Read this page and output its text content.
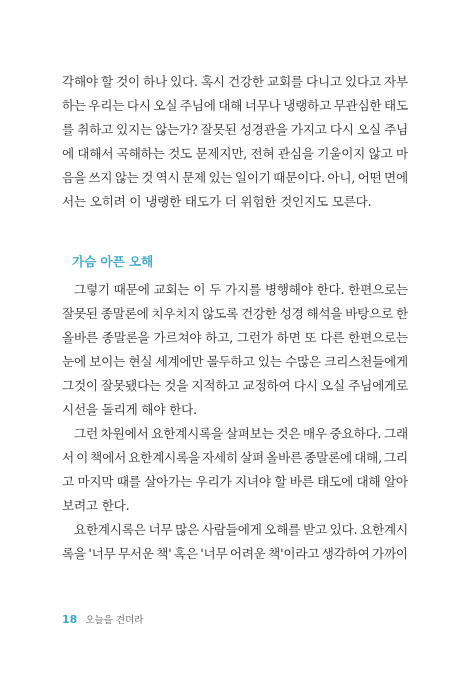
각해야 할 것이 하나 있다. 혹시 건강한 교회를 다니고 있다고 자부
하는 우리는 다시 오실 주님에 대해 너무나 냉랭하고 무관심한 태도
를 취하고 있지는 않는가? 잘못된 성경관을 가지고 다시 오실 주님
에 대해서 곡해하는 것도 문제지만, 전혀 관심을 기울이지 않고 마
음을 쓰지 않는 것 역시 문제 있는 일이기 때문이다. 아니, 어떤 면에
서는 오히려 이 냉랭한 태도가 더 위험한 것인지도 모른다.
가슴 아픈 오해
그렇기 때문에 교회는 이 두 가지를 병행해야 한다. 한편으로는
잘못된 종말론에 치우치지 않도록 건강한 성경 해석을 바탕으로 한
올바른 종말론을 가르쳐야 하고, 그런가 하면 또 다른 한편으로는
눈에 보이는 현실 세계에만 몰두하고 있는 수많은 크리스천들에게
그것이 잘못됐다는 것을 지적하고 교정하여 다시 오실 주님에게로
시선을 돌리게 해야 한다.
그런 차원에서 요한계시록을 살펴보는 것은 매우 중요하다. 그래
서 이 책에서 요한계시록을 자세히 살펴 올바른 종말론에 대해, 그리
고 마지막 때를 살아가는 우리가 지녀야 할 바른 태도에 대해 알아
보려고 한다.
요한계시록은 너무 많은 사람들에게 오해를 받고 있다. 요한계시
록을 '너무 무서운 책' 혹은 '너무 어려운 책'이라고 생각하여 가까이
18 오늘을 견뎌라
